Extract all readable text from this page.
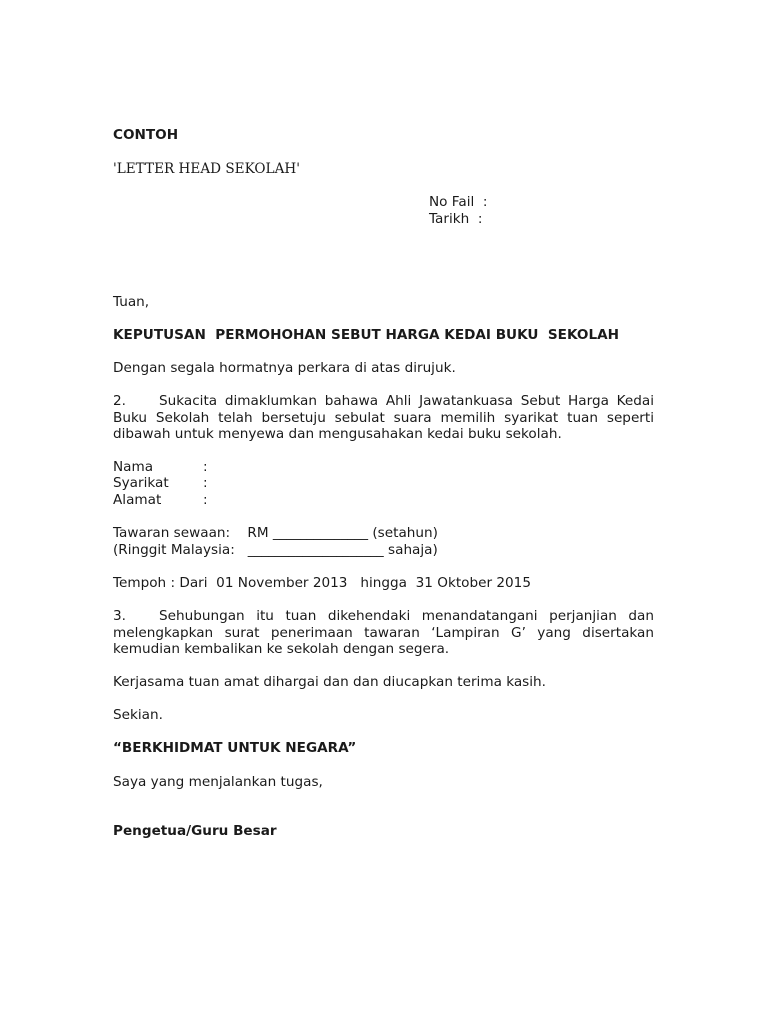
CONTOH
'LETTER HEAD SEKOLAH'
No Fail  :
Tarikh  :
Tuan,
KEPUTUSAN  PERMOHOHAN SEBUT HARGA KEDAI BUKU  SEKOLAH
Dengan segala hormatnya perkara di atas dirujuk.
2. Sukacita dimaklumkan bahawa Ahli Jawatankuasa Sebut Harga Kedai Buku Sekolah telah bersetuju sebulat suara memilih syarikat tuan seperti dibawah untuk menyewa dan mengusahakan kedai buku sekolah.
Nama	:
Syarikat	:
Alamat	:
Tawaran sewaan:    RM ______________ (setahun)
(Ringgit Malaysia:   ____________________ sahaja)
Tempoh : Dari  01 November 2013   hingga  31 Oktober 2015
3. Sehubungan itu tuan dikehendaki menandatangani perjanjian dan melengkapkan surat penerimaan tawaran ‘Lampiran G’ yang disertakan kemudian kembalikan ke sekolah dengan segera.
Kerjasama tuan amat dihargai dan dan diucapkan terima kasih.
Sekian.
“BERKHIDMAT UNTUK NEGARA”
Saya yang menjalankan tugas,
Pengetua/Guru Besar
